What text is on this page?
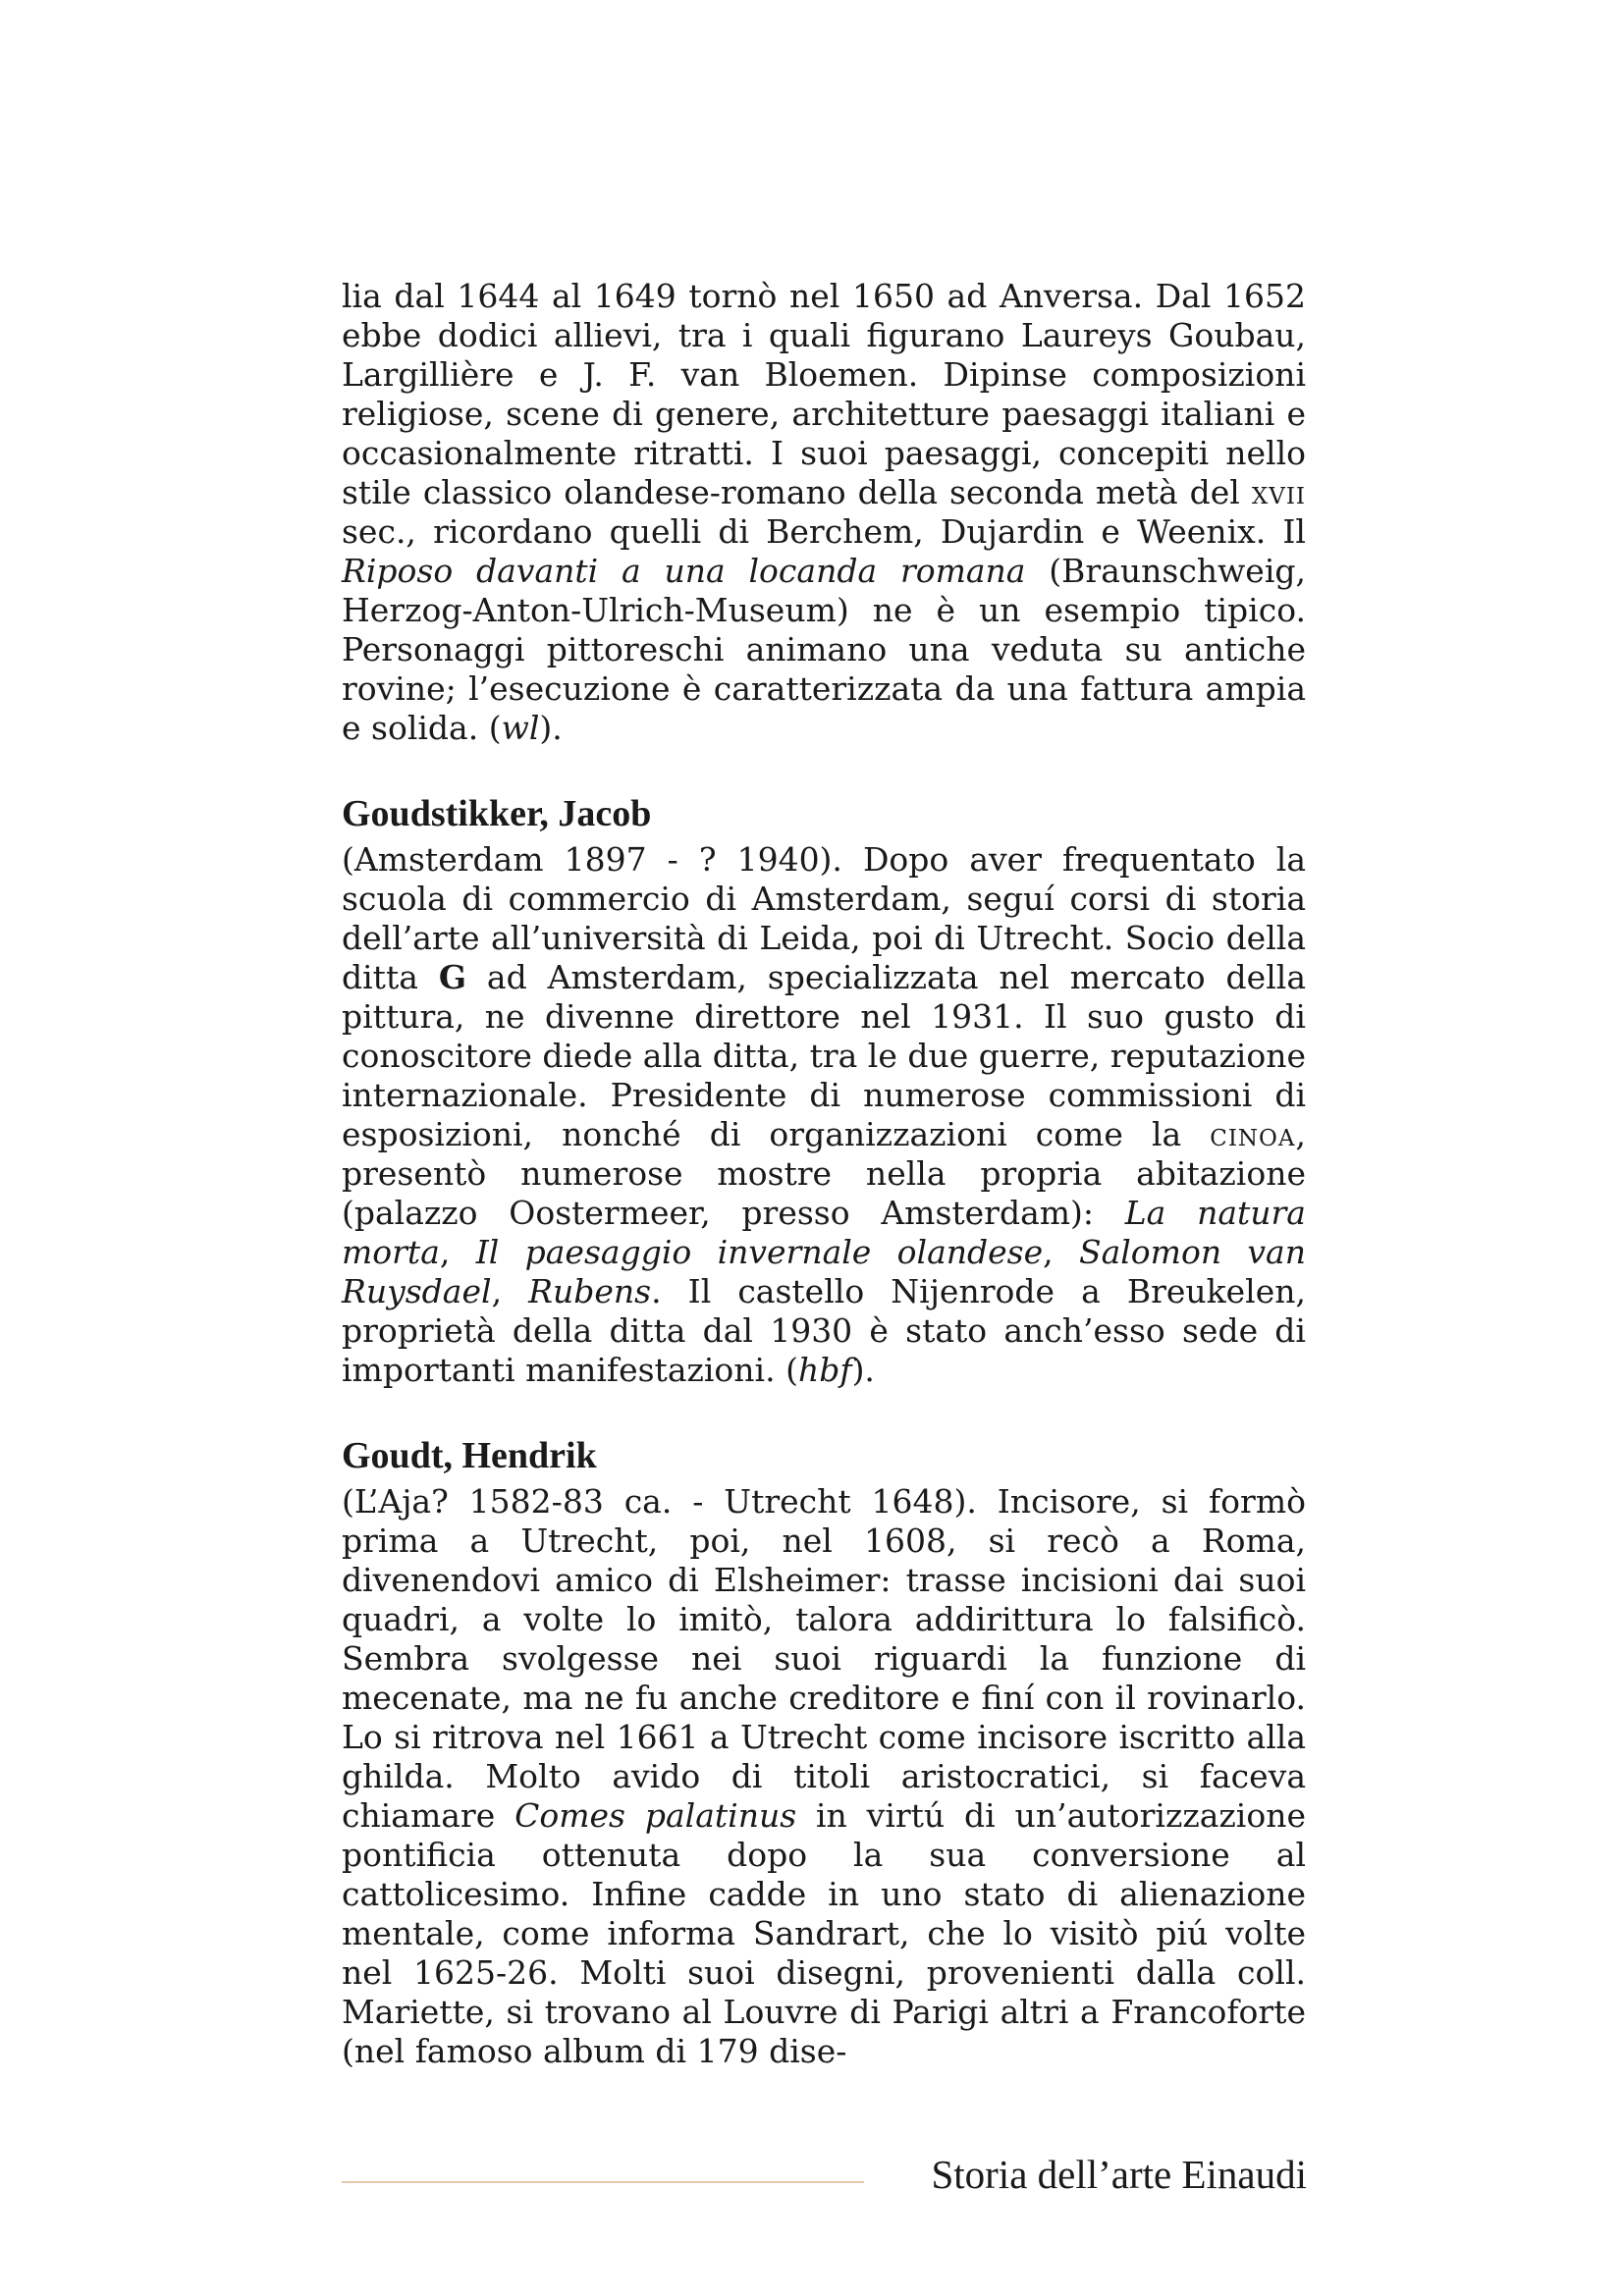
lia dal 1644 al 1649 tornò nel 1650 ad Anversa. Dal 1652 ebbe dodici allievi, tra i quali figurano Laureys Goubau, Largillière e J. F. van Bloemen. Dipinse composizioni religiose, scene di genere, architetture paesaggi italiani e occasionalmente ritratti. I suoi paesaggi, concepiti nello stile classico olandese-romano della seconda metà del xvii sec., ricordano quelli di Berchem, Dujardin e Weenix. Il Riposo davanti a una locanda romana (Braunschweig, Herzog-Anton-Ulrich-Museum) ne è un esempio tipico. Personaggi pittoreschi animano una veduta su antiche rovine; l’esecuzione è caratterizzata da una fattura ampia e solida. (wl).

Goudstikker, Jacob

(Amsterdam 1897 - ? 1940). Dopo aver frequentato la scuola di commercio di Amsterdam, seguí corsi di storia dell’arte all’università di Leida, poi di Utrecht. Socio della ditta G ad Amsterdam, specializzata nel mercato della pittura, ne divenne direttore nel 1931. Il suo gusto di conoscitore diede alla ditta, tra le due guerre, reputazione internazionale. Presidente di numerose commissioni di esposizioni, nonché di organizzazioni come la cinoa, presentò numerose mostre nella propria abitazione (palazzo Oostermeer, presso Amsterdam): La natura morta, Il paesaggio invernale olandese, Salomon van Ruysdael, Rubens. Il castello Nijenrode a Breukelen, proprietà della ditta dal 1930 è stato anch’esso sede di importanti manifestazioni. (hbf).

Goudt, Hendrik

(L’Aja? 1582-83 ca. - Utrecht 1648). Incisore, si formò prima a Utrecht, poi, nel 1608, si recò a Roma, divenendovi amico di Elsheimer: trasse incisioni dai suoi quadri, a volte lo imitò, talora addirittura lo falsificò. Sembra svolgesse nei suoi riguardi la funzione di mecenate, ma ne fu anche creditore e finí con il rovinarlo. Lo si ritrova nel 1661 a Utrecht come incisore iscritto alla ghilda. Molto avido di titoli aristocratici, si faceva chiamare Comes palatinus in virtú di un’autorizzazione pontificia ottenuta dopo la sua conversione al cattolicesimo. Infine cadde in uno stato di alienazione mentale, come informa Sandrart, che lo visitò piú volte nel 1625-26. Molti suoi disegni, provenienti dalla coll. Mariette, si trovano al Louvre di Parigi altri a Francoforte (nel famoso album di 179 dise-

Storia dell’arte Einaudi
